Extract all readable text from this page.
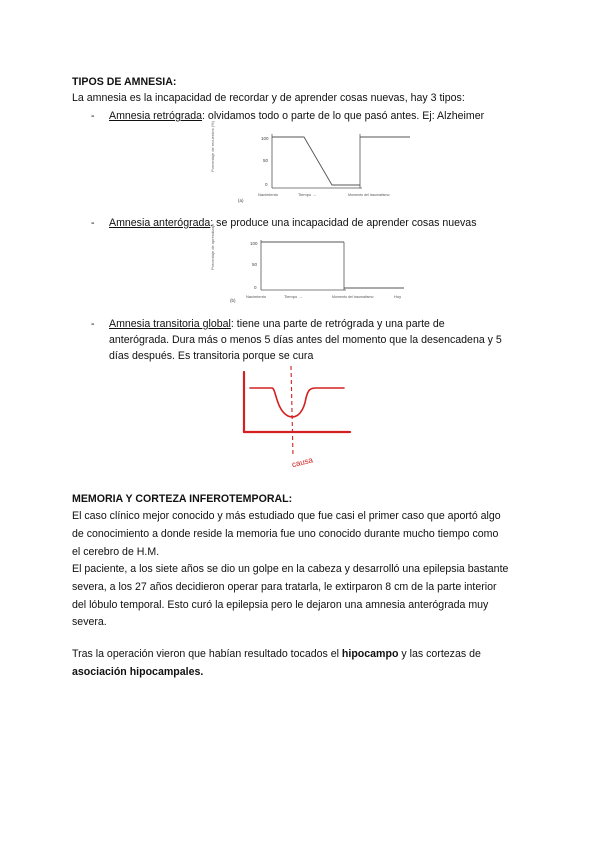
TIPOS DE AMNESIA:
La amnesia es la incapacidad de recordar y de aprender cosas nuevas, hay 3 tipos:
- Amnesia retrógrada: olvidamos todo o parte de lo que pasó antes. Ej: Alzheimer
Porcentaje de recuerdos (%)	100
50
0
(a)
Nacimiento	Tiempo →	Momento del traumatismo
- Amnesia anterógrada: se produce una incapacidad de aprender cosas nuevas
Porcentaje de aprendizaje	100
50
0
(b)
Nacimiento	Tiempo →	Momento del traumatismo	Hoy
- Amnesia transitoria global: tiene una parte de retrógrada y una parte de
anterógrada. Dura más o menos 5 días antes del momento que la desencadena y 5
días después. Es transitoria porque se cura
causa
MEMORIA Y CORTEZA INFEROTEMPORAL:
El caso clínico mejor conocido y más estudiado que fue casi el primer caso que aportó algo
de conocimiento a donde reside la memoria fue uno conocido durante mucho tiempo como
el cerebro de H.M.
El paciente, a los siete años se dio un golpe en la cabeza y desarrolló una epilepsia bastante
severa, a los 27 años decidieron operar para tratarla, le extirparon 8 cm de la parte interior
del lóbulo temporal. Esto curó la epilepsia pero le dejaron una amnesia anterógrada muy
severa.
Tras la operación vieron que habían resultado tocados el hipocampo y las cortezas de
asociación hipocampales.
